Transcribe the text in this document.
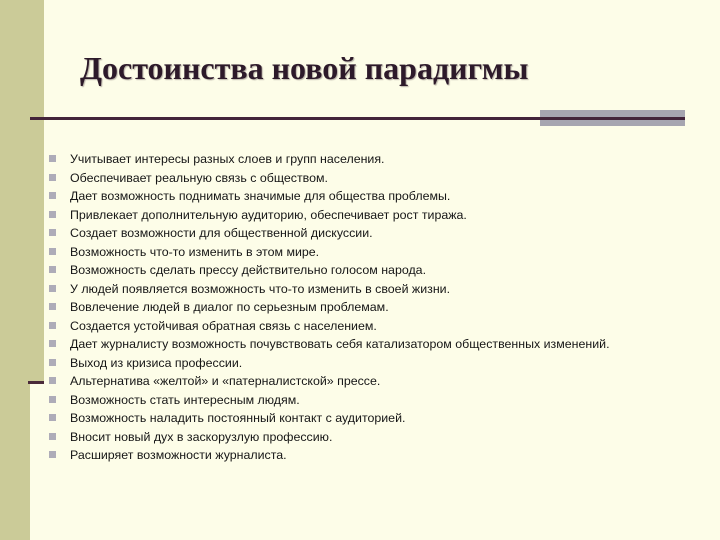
Достоинства новой парадигмы
Учитывает интересы разных слоев и групп населения.
Обеспечивает реальную связь с обществом.
Дает возможность поднимать значимые для общества проблемы.
Привлекает дополнительную аудиторию, обеспечивает рост тиража.
Создает возможности для общественной дискуссии.
Возможность что-то изменить в этом мире.
Возможность сделать прессу действительно голосом народа.
У людей появляется возможность что-то изменить в своей жизни.
Вовлечение людей в диалог по серьезным проблемам.
Создается устойчивая обратная связь с населением.
Дает журналисту возможность почувствовать себя катализатором общественных изменений.
Выход из кризиса профессии.
Альтернатива «желтой» и «патерналистской» прессе.
Возможность стать интересным людям.
Возможность наладить постоянный контакт с аудиторией.
Вносит новый дух в заскорузлую профессию.
Расширяет возможности журналиста.
